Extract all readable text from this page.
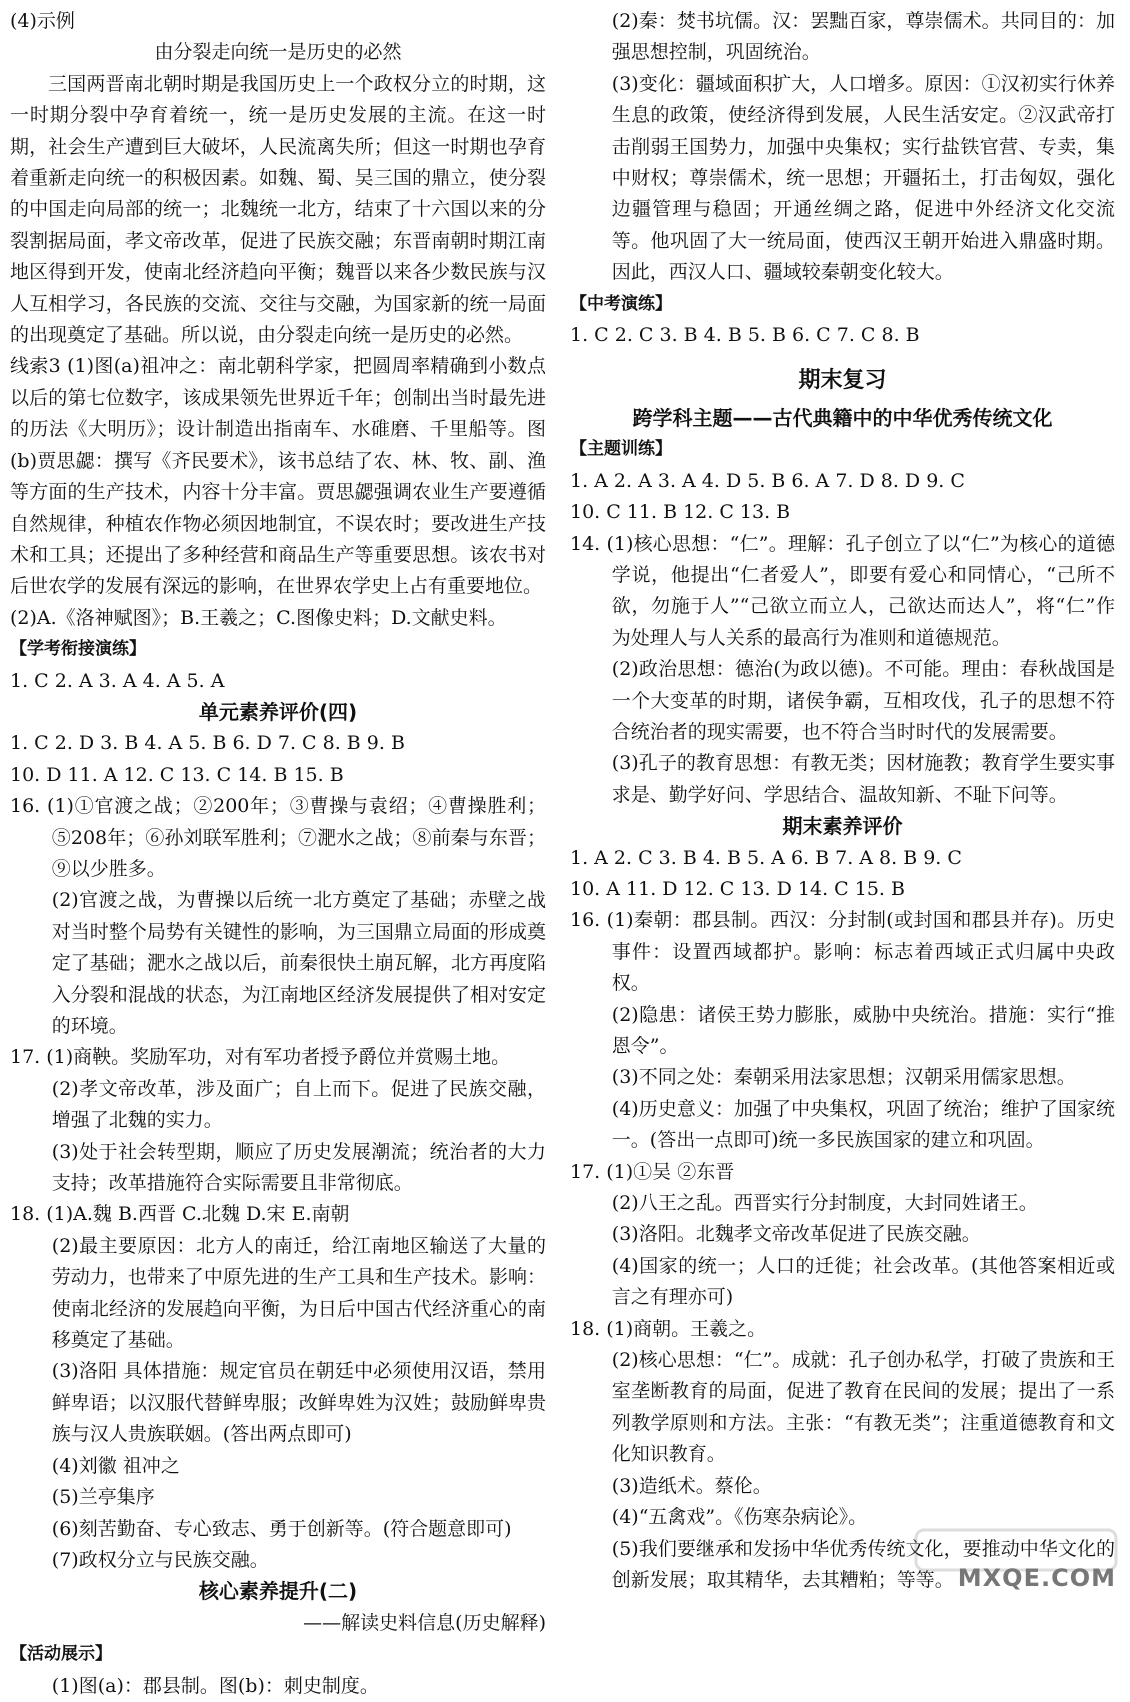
(4)示例

由分裂走向统一是历史的必然

三国两晋南北朝时期是我国历史上一个政权分立的时期，这一时期分裂中孕育着统一，统一是历史发展的主流。在这一时期，社会生产遭到巨大破坏，人民流离失所；但这一时期也孕育着重新走向统一的积极因素。如魏、蜀、吴三国的鼎立，使分裂的中国走向局部的统一；北魏统一北方，结束了十六国以来的分裂割据局面，孝文帝改革，促进了民族交融；东晋南朝时期江南地区得到开发，使南北经济趋向平衡；魏晋以来各少数民族与汉人互相学习，各民族的交流、交往与交融，为国家新的统一局面的出现奠定了基础。所以说，由分裂走向统一是历史的必然。

线索3 (1)图(a)祖冲之：南北朝科学家，把圆周率精确到小数点以后的第七位数字，该成果领先世界近千年；创制出当时最先进的历法《大明历》；设计制造出指南车、水碓磨、千里船等。图(b)贾思勰：撰写《齐民要术》，该书总结了农、林、牧、副、渔等方面的生产技术，内容十分丰富。贾思勰强调农业生产要遵循自然规律，种植农作物必须因地制宜，不误农时；要改进生产技术和工具；还提出了多种经营和商品生产等重要思想。该农书对后世农学的发展有深远的影响，在世界农学史上占有重要地位。

(2)A.《洛神赋图》；B.王羲之；C.图像史料；D.文献史料。

【学考衔接演练】

1. C 2. A 3. A 4. A 5. A

单元素养评价(四)

1. C 2. D 3. B 4. A 5. B 6. D 7. C 8. B 9. B

10. D 11. A 12. C 13. C 14. B 15. B

16. (1)①官渡之战；②200年；③曹操与袁绍；④曹操胜利；⑤208年；⑥孙刘联军胜利；⑦淝水之战；⑧前秦与东晋；⑨以少胜多。

(2)官渡之战，为曹操以后统一北方奠定了基础；赤壁之战对当时整个局势有关键性的影响，为三国鼎立局面的形成奠定了基础；淝水之战以后，前秦很快土崩瓦解，北方再度陷入分裂和混战的状态，为江南地区经济发展提供了相对安定的环境。

17. (1)商鞅。奖励军功，对有军功者授予爵位并赏赐土地。

(2)孝文帝改革，涉及面广；自上而下。促进了民族交融，增强了北魏的实力。

(3)处于社会转型期，顺应了历史发展潮流；统治者的大力支持；改革措施符合实际需要且非常彻底。

18. (1)A.魏 B.西晋 C.北魏 D.宋 E.南朝

(2)最主要原因：北方人的南迁，给江南地区输送了大量的劳动力，也带来了中原先进的生产工具和生产技术。影响：使南北经济的发展趋向平衡，为日后中国古代经济重心的南移奠定了基础。

(3)洛阳 具体措施：规定官员在朝廷中必须使用汉语，禁用鲜卑语；以汉服代替鲜卑服；改鲜卑姓为汉姓；鼓励鲜卑贵族与汉人贵族联姻。(答出两点即可)

(4)刘徽 祖冲之

(5)兰亭集序

(6)刻苦勤奋、专心致志、勇于创新等。(符合题意即可)

(7)政权分立与民族交融。

核心素养提升(二)

——解读史料信息(历史解释)

【活动展示】

(1)图(a)：郡县制。图(b)：刺史制度。

(2)秦：焚书坑儒。汉：罢黜百家，尊崇儒术。共同目的：加强思想控制，巩固统治。

(3)变化：疆域面积扩大，人口增多。原因：①汉初实行休养生息的政策，使经济得到发展，人民生活安定。②汉武帝打击削弱王国势力，加强中央集权；实行盐铁官营、专卖，集中财权；尊崇儒术，统一思想；开疆拓土，打击匈奴，强化边疆管理与稳固；开通丝绸之路，促进中外经济文化交流等。他巩固了大一统局面，使西汉王朝开始进入鼎盛时期。因此，西汉人口、疆域较秦朝变化较大。

【中考演练】

1. C 2. C 3. B 4. B 5. B 6. C 7. C 8. B

期末复习

跨学科主题——古代典籍中的中华优秀传统文化

【主题训练】

1. A 2. A 3. A 4. D 5. B 6. A 7. D 8. D 9. C

10. C 11. B 12. C 13. B

14. (1)核心思想：“仁”。理解：孔子创立了以“仁”为核心的道德学说，他提出“仁者爱人”，即要有爱心和同情心，“己所不欲，勿施于人”“己欲立而立人，己欲达而达人”，将“仁”作为处理人与人关系的最高行为准则和道德规范。

(2)政治思想：德治(为政以德)。不可能。理由：春秋战国是一个大变革的时期，诸侯争霸，互相攻伐，孔子的思想不符合统治者的现实需要，也不符合当时时代的发展需要。

(3)孔子的教育思想：有教无类；因材施教；教育学生要实事求是、勤学好问、学思结合、温故知新、不耻下问等。

期末素养评价

1. A 2. C 3. B 4. B 5. A 6. B 7. A 8. B 9. C

10. A 11. D 12. C 13. D 14. C 15. B

16. (1)秦朝：郡县制。西汉：分封制(或封国和郡县并存)。历史事件：设置西域都护。影响：标志着西域正式归属中央政权。

(2)隐患：诸侯王势力膨胀，威胁中央统治。措施：实行“推恩令”。

(3)不同之处：秦朝采用法家思想；汉朝采用儒家思想。

(4)历史意义：加强了中央集权，巩固了统治；维护了国家统一。(答出一点即可)统一多民族国家的建立和巩固。

17. (1)①吴 ②东晋

(2)八王之乱。西晋实行分封制度，大封同姓诸王。

(3)洛阳。北魏孝文帝改革促进了民族交融。

(4)国家的统一；人口的迁徙；社会改革。(其他答案相近或言之有理亦可)

18. (1)商朝。王羲之。

(2)核心思想：“仁”。成就：孔子创办私学，打破了贵族和王室垄断教育的局面，促进了教育在民间的发展；提出了一系列教学原则和方法。主张：“有教无类”；注重道德教育和文化知识教育。

(3)造纸术。蔡伦。

(4)“五禽戏”。《伤寒杂病论》。

(5)我们要继承和发扬中华优秀传统文化，要推动中华文化的创新发展；取其精华，去其糟粕；等等。 MXQE.COM
